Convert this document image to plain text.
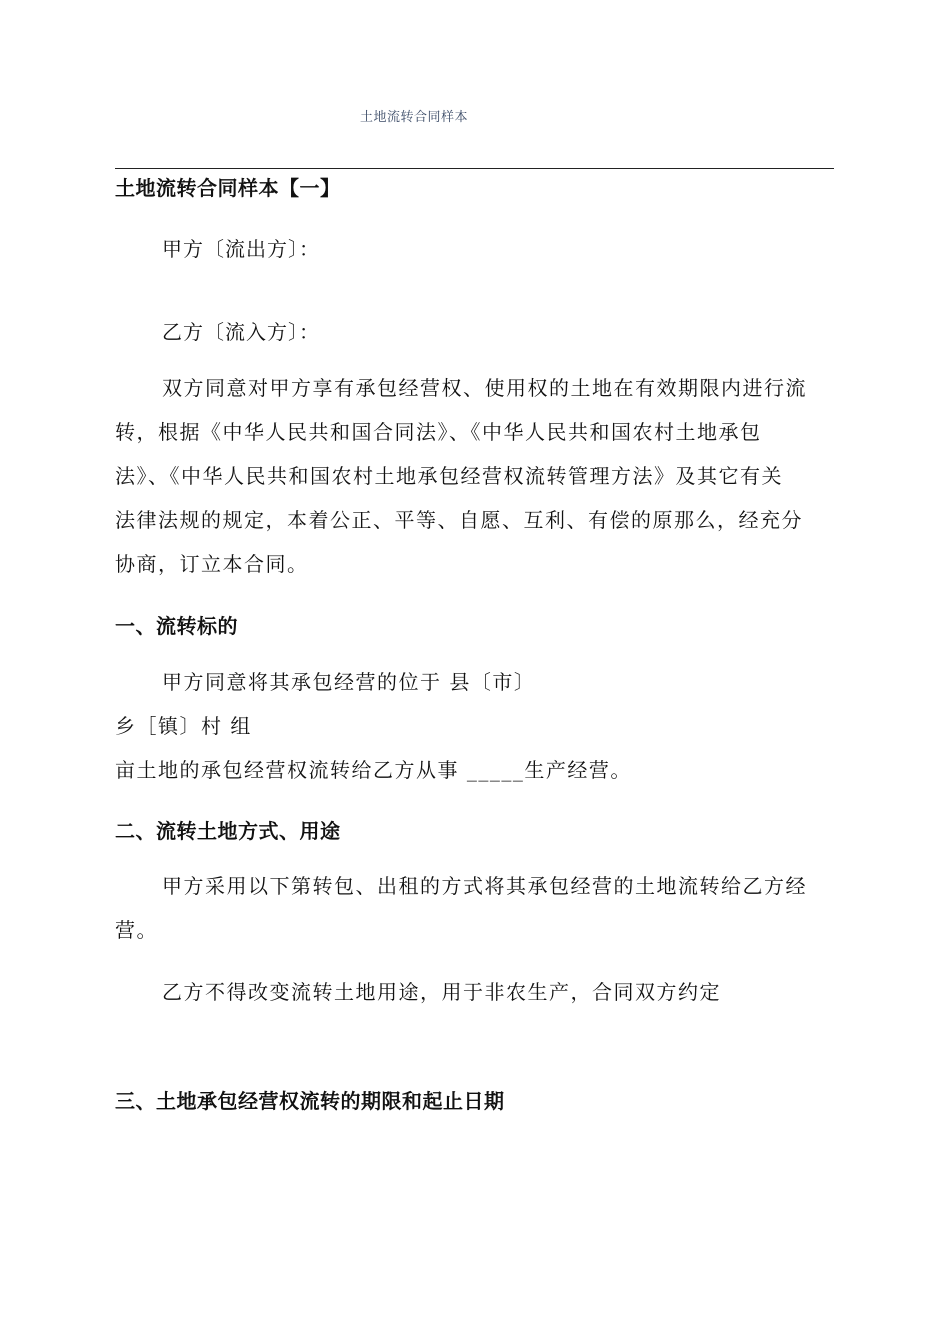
土地流转合同样本
土地流转合同样本【一】
甲方〔流出方〕：
乙方〔流入方〕：
双方同意对甲方享有承包经营权、使用权的土地在有效期限内进行流
转，根据《中华人民共和国合同法》、《中华人民共和国农村土地承包
法》、《中华人民共和国农村土地承包经营权流转管理方法》及其它有关
法律法规的规定，本着公正、平等、自愿、互利、有偿的原那么，经充分
协商，订立本合同。
一、流转标的
甲方同意将其承包经营的位于 县〔市〕
乡［镇〕村 组
亩土地的承包经营权流转给乙方从事 _____生产经营。
二、流转土地方式、用途
甲方采用以下第转包、出租的方式将其承包经营的土地流转给乙方经
营。
乙方不得改变流转土地用途，用于非农生产，合同双方约定
三、土地承包经营权流转的期限和起止日期
